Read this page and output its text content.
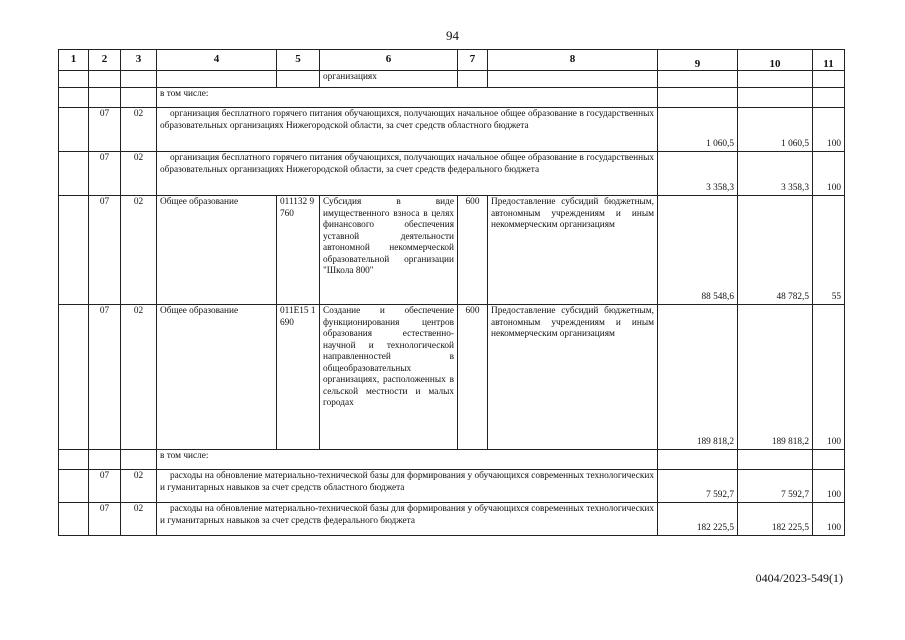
94
1	2	3	4	5	6	7	8	9	10	11
					организациях					
			в том числе:							
	07	02	организация бесплатного горячего питания обучающихся, получающих начальное общее образование в государственных образовательных организациях Нижегородской области, за счет средств областного бюджета					1 060,5	1 060,5	100
	07	02	организация бесплатного горячего питания обучающихся, получающих начальное общее образование в государственных образовательных организациях Нижегородской области, за счет средств федерального бюджета					3 358,3	3 358,3	100
	07	02	Общее образование	011132 9760	Субсидия в виде имущественного взноса в целях финансового обеспечения уставной деятельности автономной некоммерческой образовательной организации "Школа 800"	600	Предоставление субсидий бюджетным, автономным учреждениям и иным некоммерческим организациям	88 548,6	48 782,5	55
	07	02	Общее образование	011E15 1690	Создание и обеспечение функционирования центров образования естественно-научной и технологической направленностей в общеобразовательных организациях, расположенных в сельской местности и малых городах	600	Предоставление субсидий бюджетным, автономным учреждениям и иным некоммерческим организациям	189 818,2	189 818,2	100
			в том числе:							
	07	02	расходы на обновление материально-технической базы для формирования у обучающихся современных технологических и гуманитарных навыков за счет средств областного бюджета					7 592,7	7 592,7	100
	07	02	расходы на обновление материально-технической базы для формирования у обучающихся современных технологических и гуманитарных навыков за счет средств федерального бюджета					182 225,5	182 225,5	100
0404/2023-549(1)
